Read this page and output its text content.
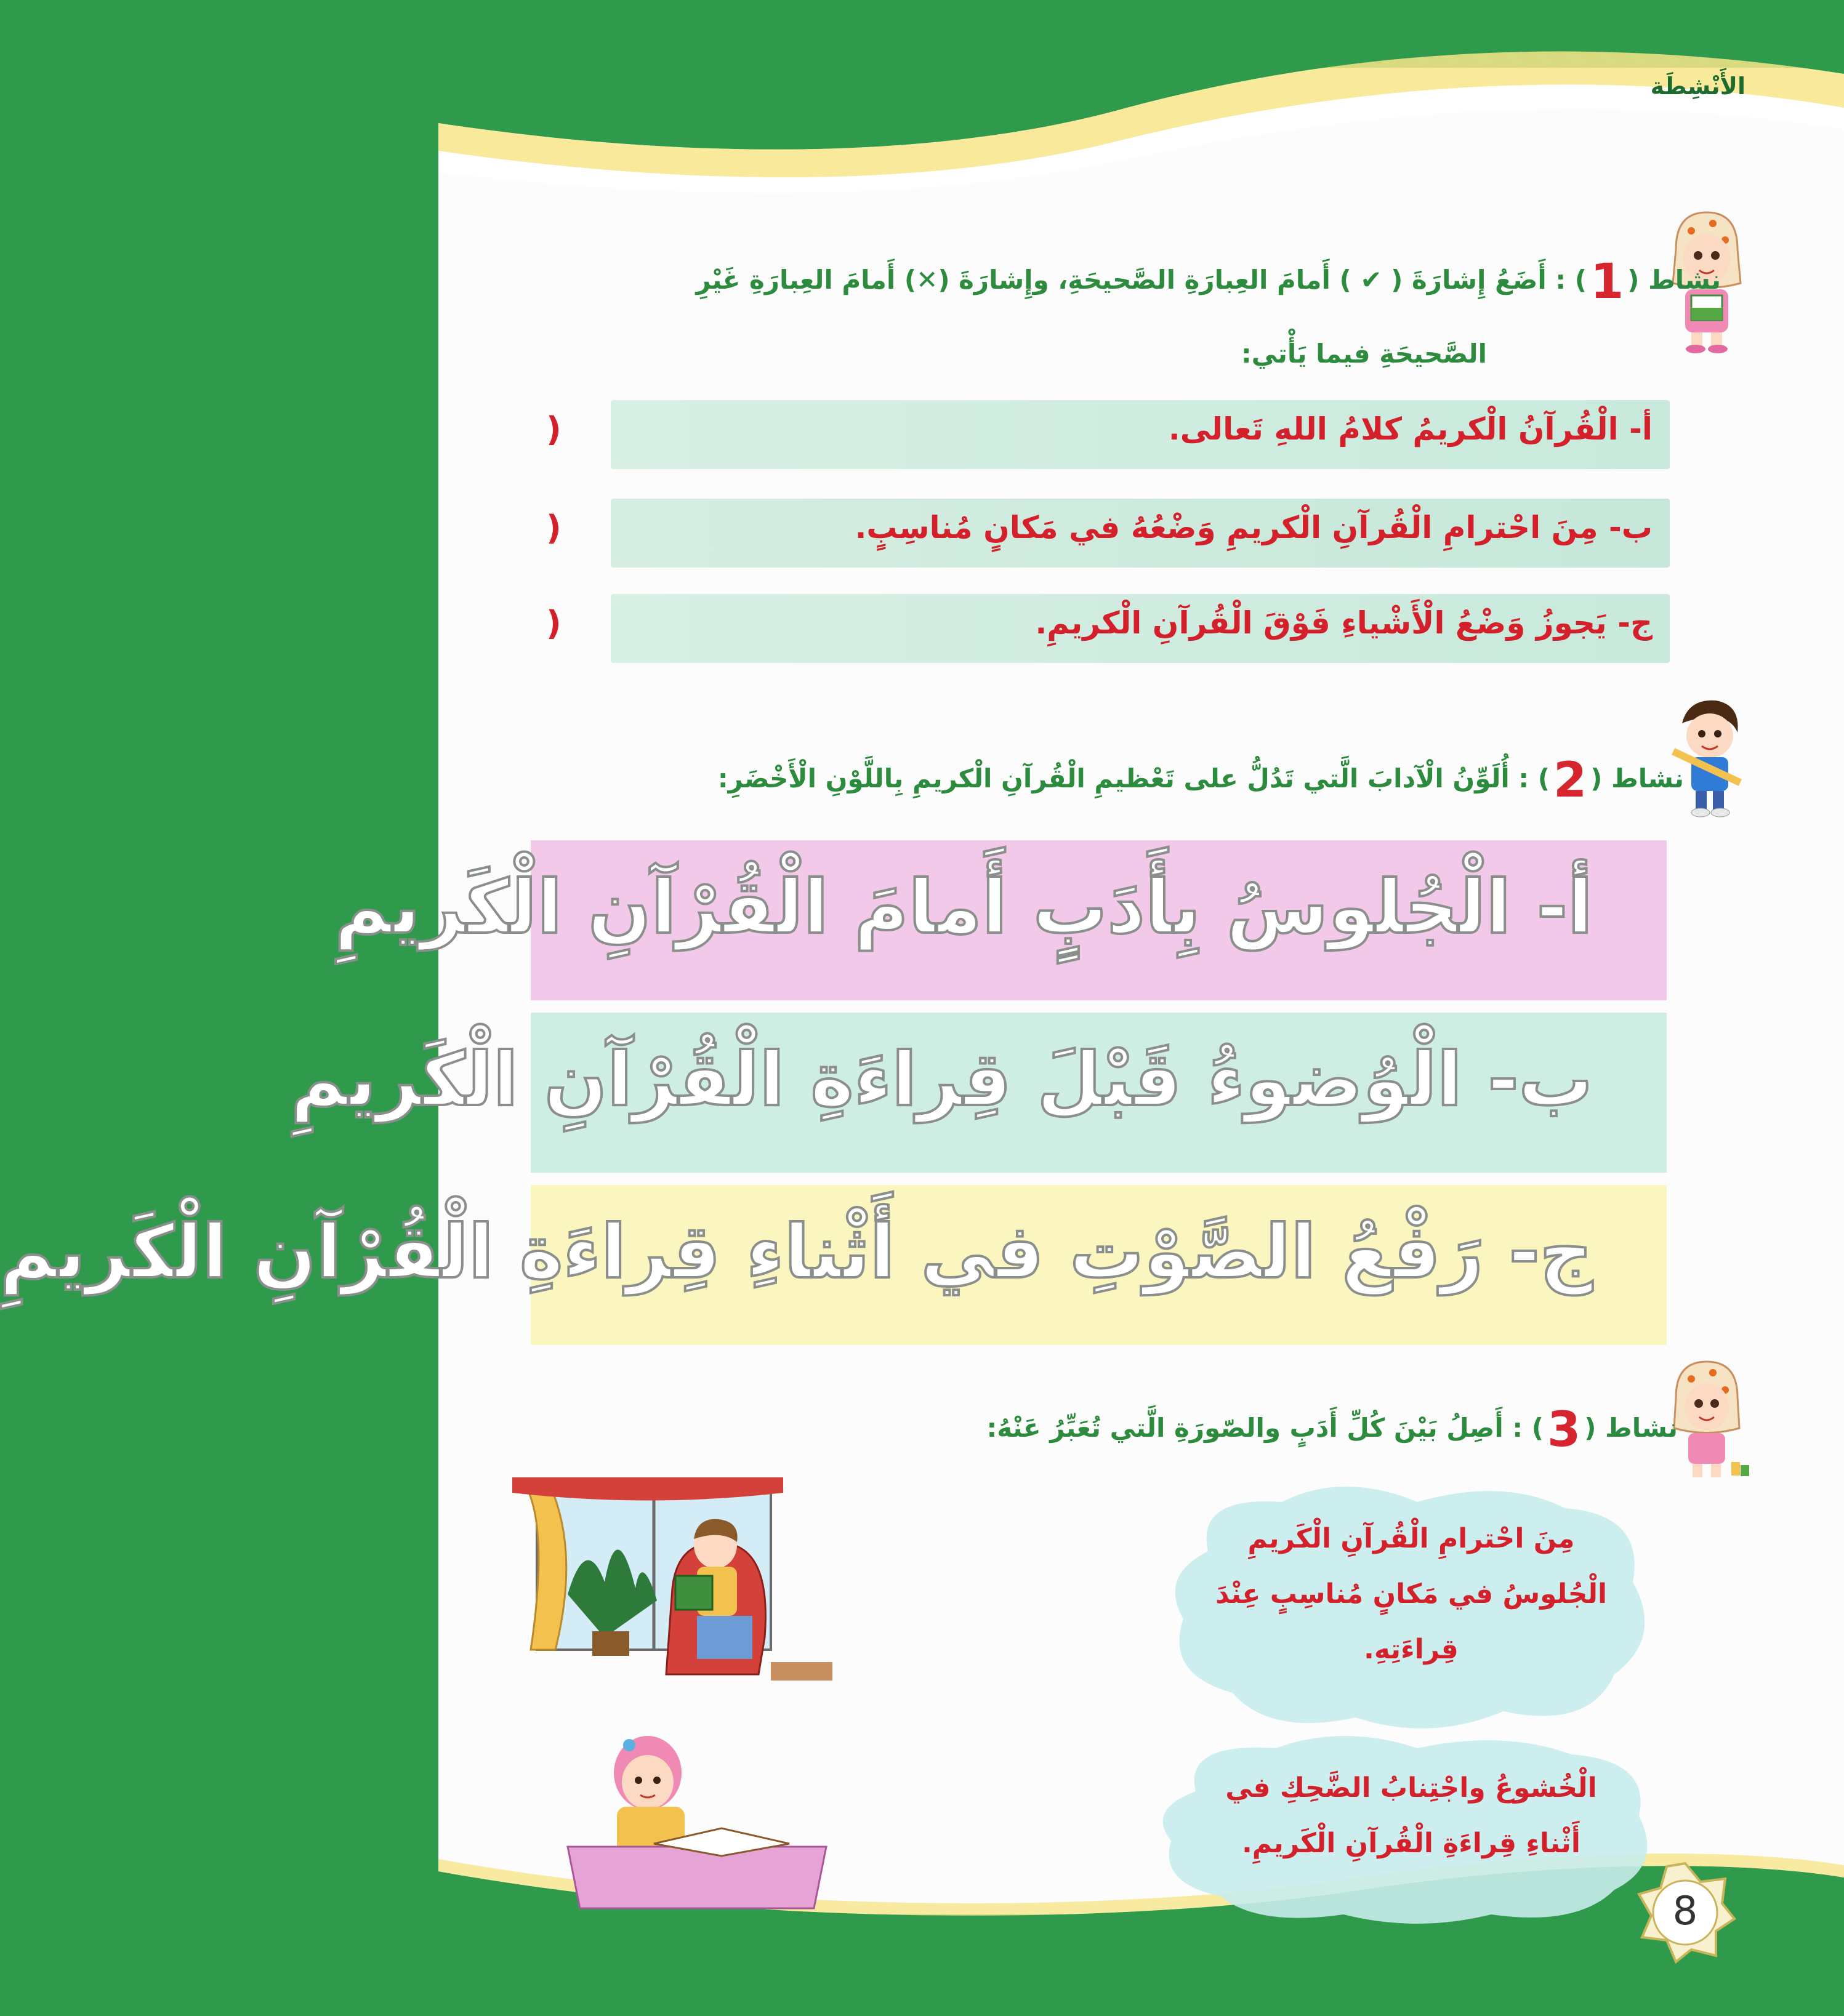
الأَنْشِطَة
نشاط (1) : أَضَعُ إِشارَةَ ( ✔ ) أَمامَ العِبارَةِ الصَّحيحَةِ، وإِشارَةَ (✕) أَمامَ العِبارَةِ غَيْرِ
الصَّحيحَةِ فيما يَأْتي:
أ- الْقُرآنُ الْكريمُ كلامُ اللهِ تَعالى.
(
ب- مِنَ احْترامِ الْقُرآنِ الْكريمِ وَضْعُهُ في مَكانٍ مُناسِبٍ.
(
ج- يَجوزُ وَضْعُ الْأَشْياءِ فَوْقَ الْقُرآنِ الْكريمِ.
(
نشاط (2) : أُلَوِّنُ الْآدابَ الَّتي تَدُلُّ على تَعْظيمِ الْقُرآنِ الْكريمِ بِاللَّوْنِ الْأَخْضَرِ:
أ- الْجُلوسُ بِأَدَبٍ أَمامَ الْقُرْآنِ الْكَريمِ
ب- الْوُضوءُ قَبْلَ قِراءَةِ الْقُرْآنِ الْكَريمِ
ج- رَفْعُ الصَّوْتِ في أَثْناءِ قِراءَةِ الْقُرْآنِ الْكَريمِ
نشاط (3) : أَصِلُ بَيْنَ كُلِّ أَدَبٍ والصّورَةِ الَّتي تُعَبِّرُ عَنْهُ:
مِنَ احْترامِ الْقُرآنِ الْكَريمِ
الْجُلوسُ في مَكانٍ مُناسِبٍ عِنْدَ
قِراءَتِهِ.
الْخُشوعُ واجْتِنابُ الضَّحِكِ في
أَثْناءِ قِراءَةِ الْقُرآنِ الْكَريمِ.
8
